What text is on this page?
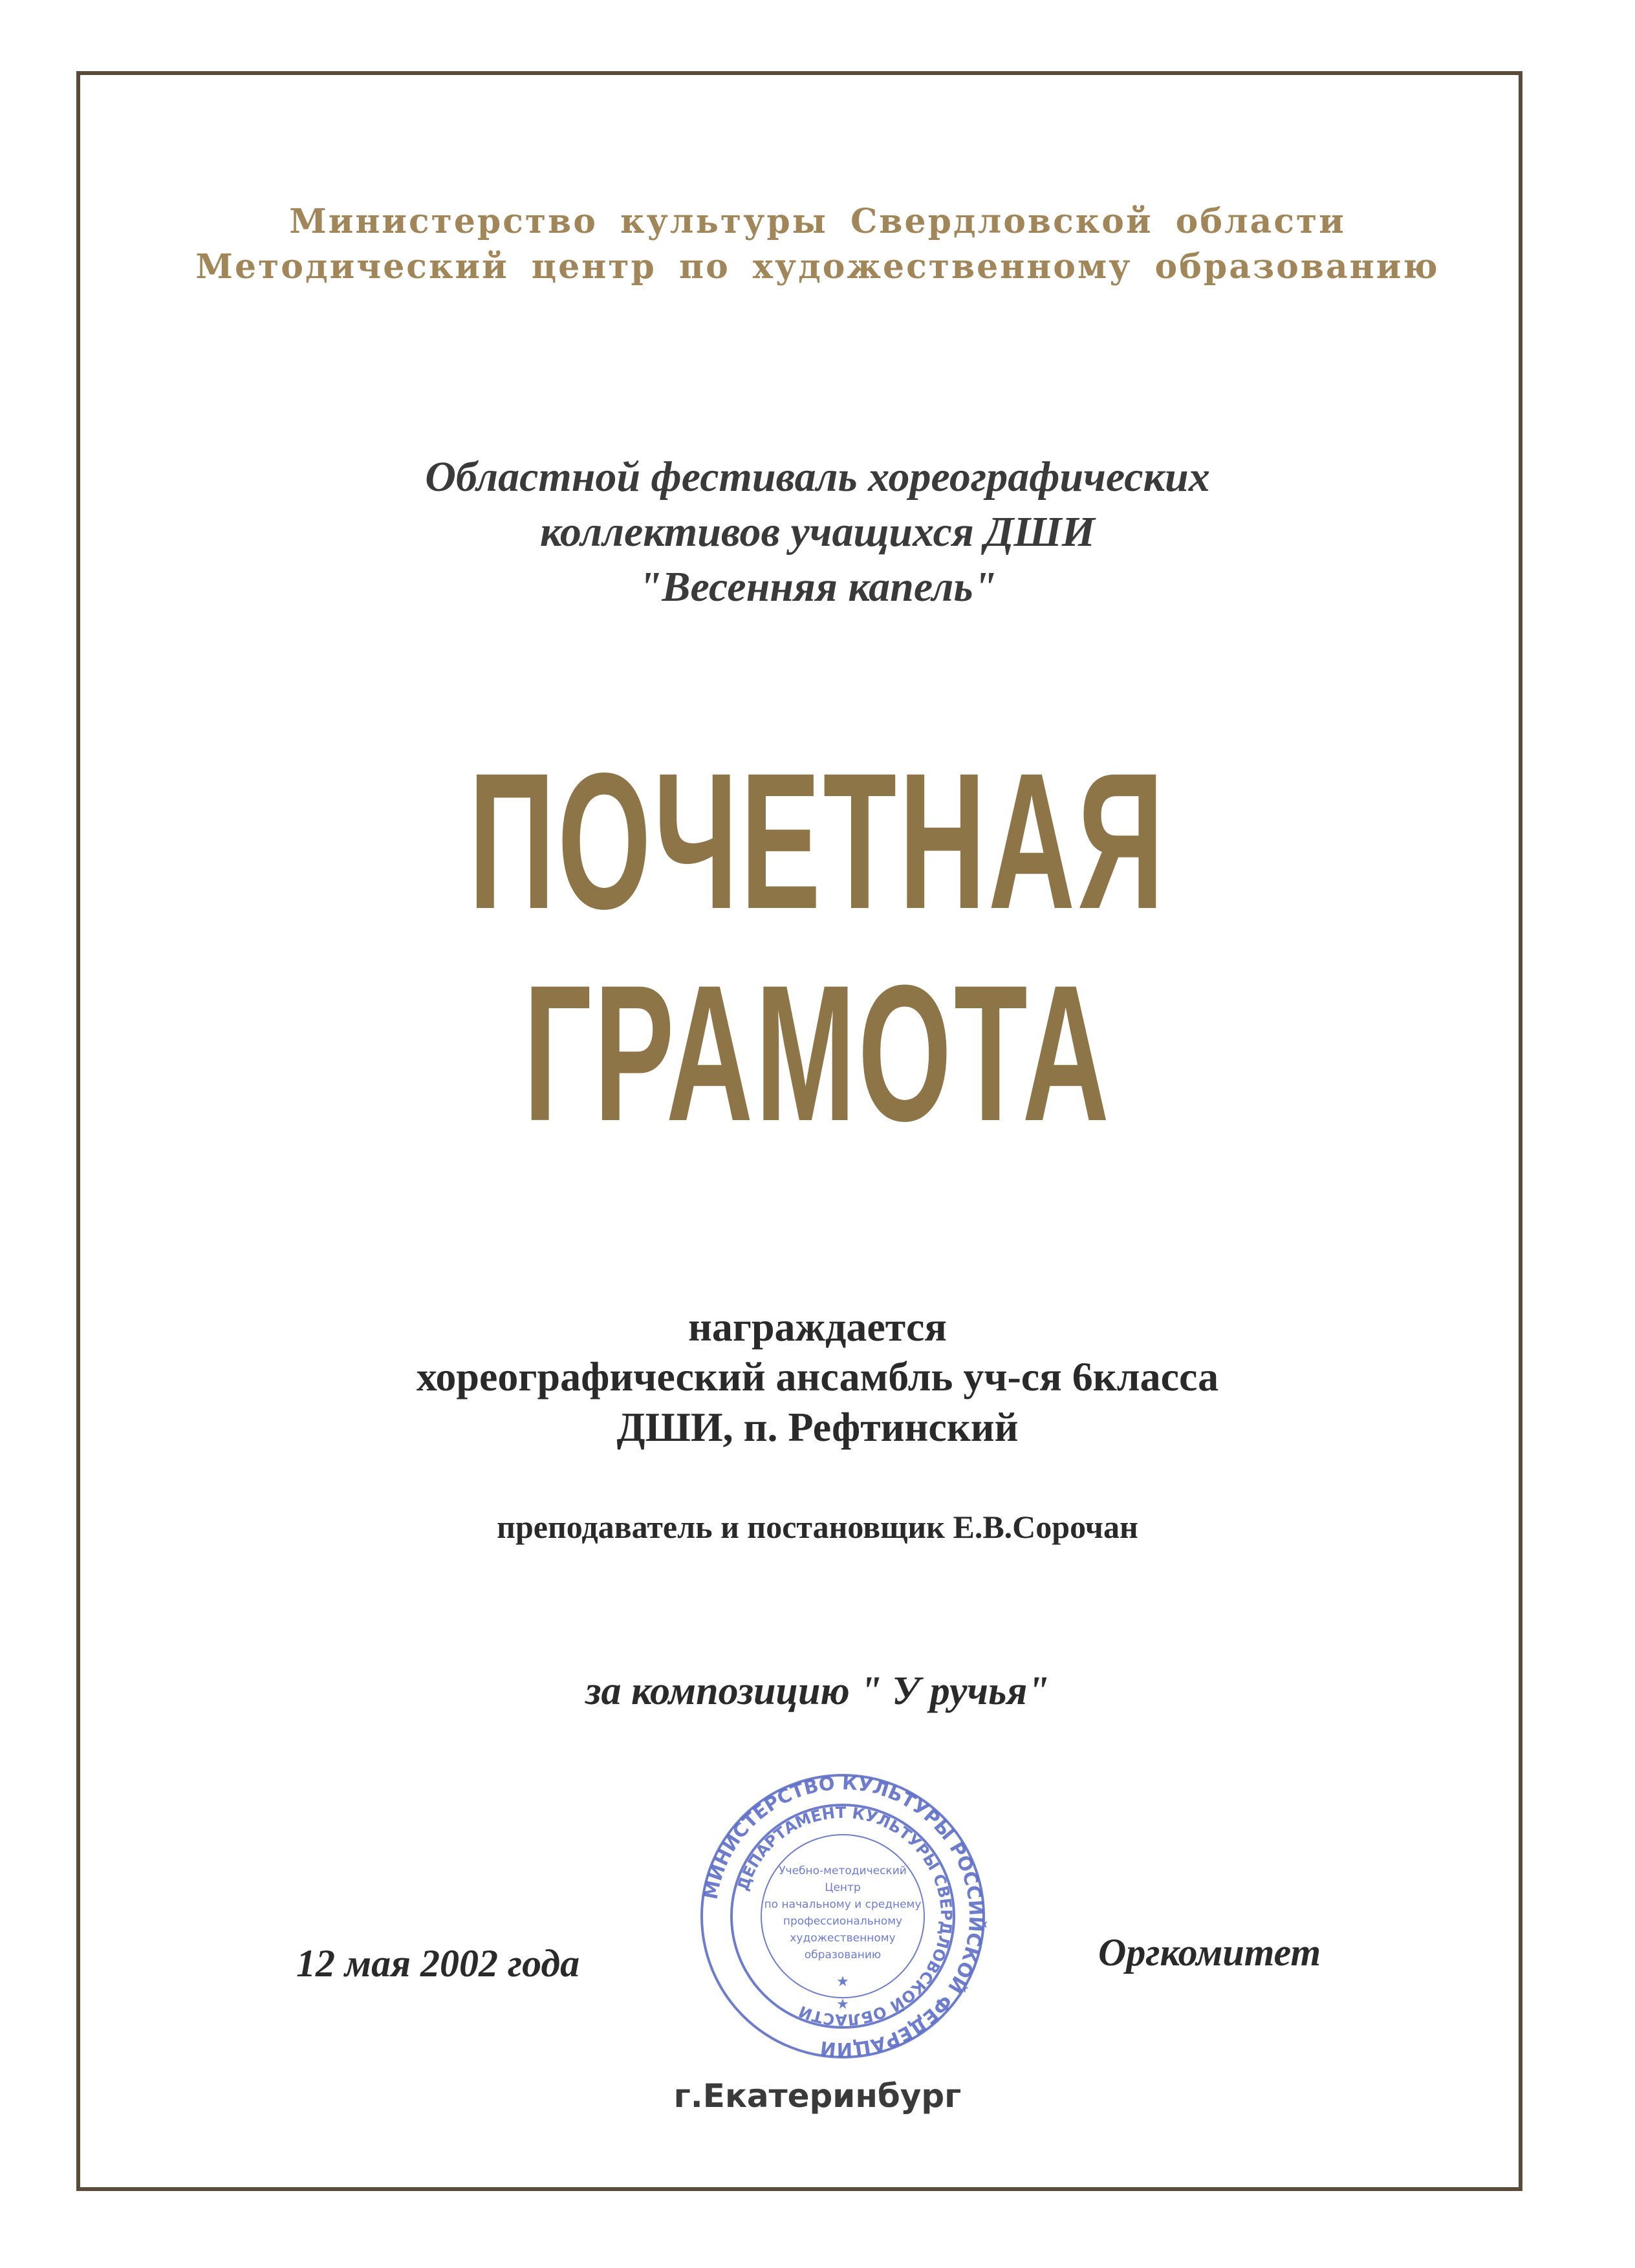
Министерство культуры Свердловской области
Методический центр по художественному образованию
Областной фестиваль хореографических
коллективов учащихся ДШИ
"Весенняя капель"
ПОЧЕТНАЯ
ГРАМОТА
награждается
хореографический ансамбль уч-ся 6класса
ДШИ, п. Рефтинский
преподаватель и постановщик Е.В.Сорочан
за композицию " У ручья"
12 мая 2002 года	Оргкомитет
г.Екатеринбург
МИНИСТЕРСТВО КУЛЬТУРЫ РОССИЙСКОЙ ФЕДЕРАЦИИ
ДЕПАРТАМЕНТ КУЛЬТУРЫ СВЕРДЛОВСКОЙ ОБЛАСТИ
Учебно-методический
Центр
по начальному и среднему
профессиональному
художественному
образованию
★
★
